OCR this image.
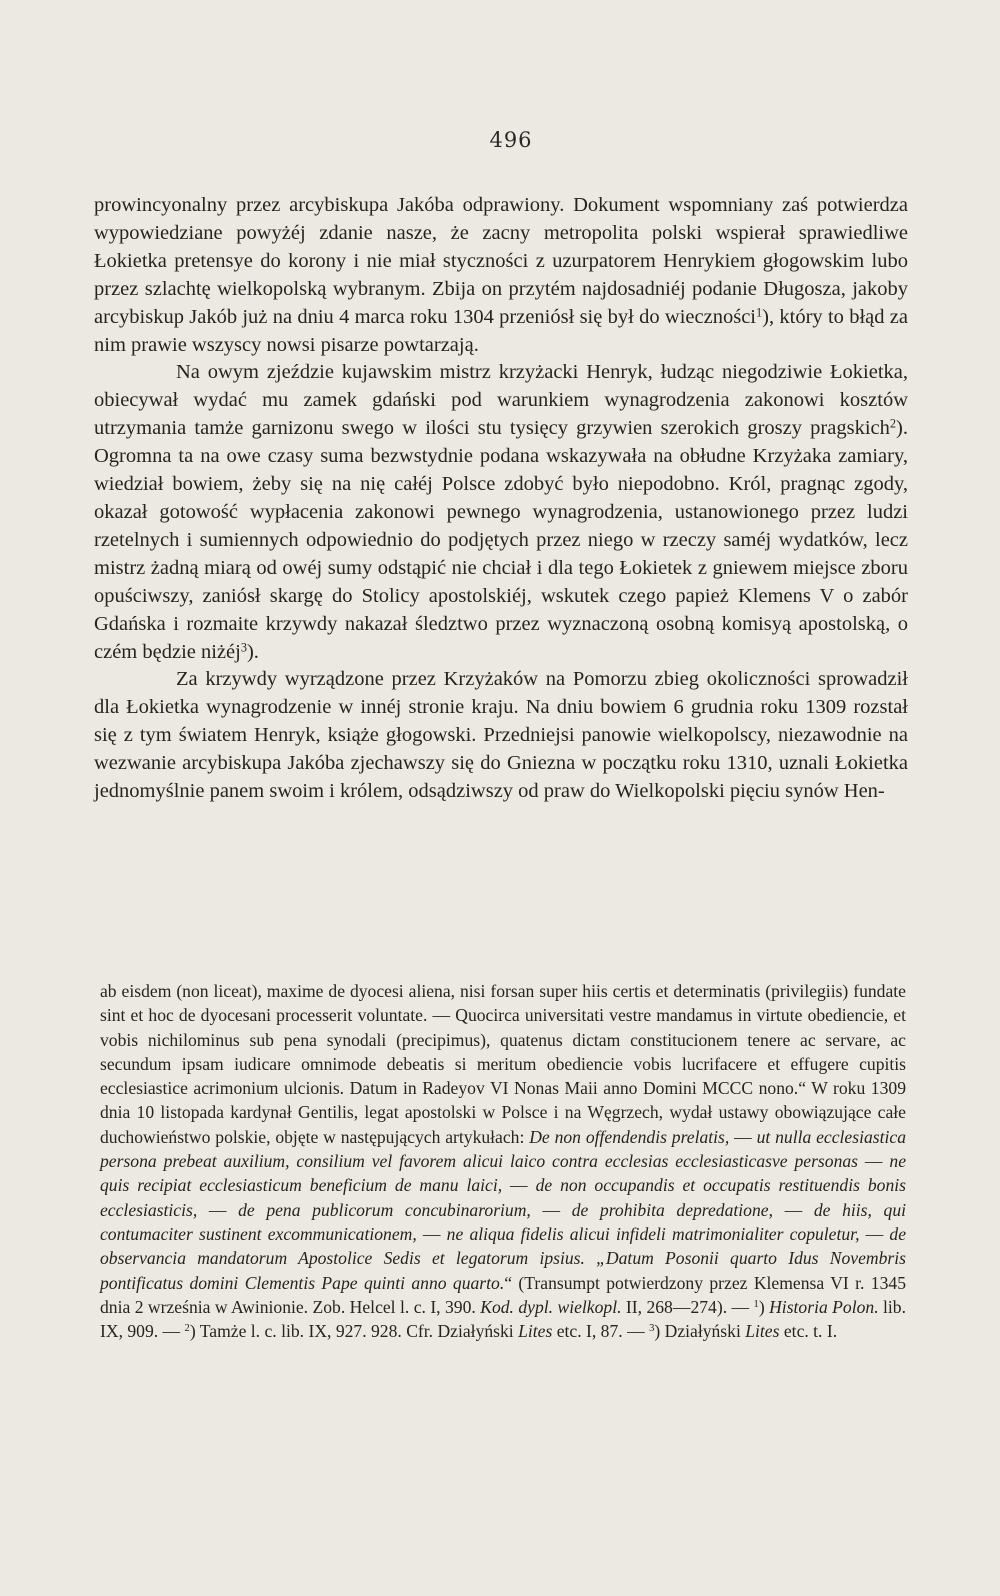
496

prowincyonalny przez arcybiskupa Jakóba odprawiony. Dokument wspomniany zaś potwierdza wypowiedziane powyżéj zdanie nasze, że zacny metropolita polski wspierał sprawiedliwe Łokietka pretensye do korony i nie miał styczności z uzurpatorem Henrykiem głogowskim lubo przez szlachtę wielkopolską wybranym. Zbija on przytém najdosadniéj podanie Długosza, jakoby arcybiskup Jakób już na dniu 4 marca roku 1304 przeniósł się był do wieczności$^1$), który to błąd za nim prawie wszyscy nowsi pisarze powtarzają.

Na owym zjeździe kujawskim mistrz krzyżacki Henryk, łudząc niegodziwie Łokietka, obiecywał wydać mu zamek gdański pod warunkiem wynagrodzenia zakonowi kosztów utrzymania tamże garnizonu swego w ilości stu tysięcy grzywien szerokich groszy pragskich$^2$). Ogromna ta na owe czasy suma bezwstydnie podana wskazywała na obłudne Krzyżaka zamiary, wiedział bowiem, żeby się na nię całéj Polsce zdobyć było niepodobno. Król, pragnąc zgody, okazał gotowość wypłacenia zakonowi pewnego wynagrodzenia, ustanowionego przez ludzi rzetelnych i sumiennych odpowiednio do podjętych przez niego w rzeczy saméj wydatków, lecz mistrz żadną miarą od owéj sumy odstąpić nie chciał i dla tego Łokietek z gniewem miejsce zboru opuściwszy, zaniósł skargę do Stolicy apostolskiéj, wskutek czego papież Klemens V o zabór Gdańska i rozmaite krzywdy nakazał śledztwo przez wyznaczoną osobną komisyą apostolską, o czém będzie niżéj$^3$).

Za krzywdy wyrządzone przez Krzyżaków na Pomorzu zbieg okoliczności sprowadził dla Łokietka wynagrodzenie w innéj stronie kraju. Na dniu bowiem 6 grudnia roku 1309 rozstał się z tym światem Henryk, książe głogowski. Przedniejsi panowie wielkopolscy, niezawodnie na wezwanie arcybiskupa Jakóba zjechawszy się do Gniezna w początku roku 1310, uznali Łokietka jednomyślnie panem swoim i królem, odsądziwszy od praw do Wielkopolski pięciu synów Hen-

ab eisdem (non liceat), maxime de dyocesi aliena, nisi forsan super hiis certis et determinatis (privilegiis) fundate sint et hoc de dyocesani processerit voluntate. — Quocirca universitati vestre mandamus in virtute obediencie, et vobis nichilominus sub pena synodali (precipimus), quatenus dictam constitucionem tenere ac servare, ac secundum ipsam iudicare omnimode debeatis si meritum obediencie vobis lucrifacere et effugere cupitis ecclesiastice acrimonium ulcionis. Datum in Radeyov VI Nonas Maii anno Domini MCCC nono.“ W roku 1309 dnia 10 listopada kardynał Gentilis, legat apostolski w Polsce i na Węgrzech, wydał ustawy obowiązujące całe duchowieństwo polskie, objęte w następujących artykułach: De non offendendis prelatis, — ut nulla ecclesiastica persona prebeat auxilium, consilium vel favorem alicui laico contra ecclesias ecclesiasticasve personas — ne quis recipiat ecclesiasticum beneficium de manu laici, — de non occupandis et occupatis restituendis bonis ecclesiasticis, — de pena publicorum concubinarorium, — de prohibita depredatione, — de hiis, qui contumaciter sustinent excommunicationem, — ne aliqua fidelis alicui infideli matrimonialiter copuletur, — de observancia mandatorum Apostolice Sedis et legatorum ipsius. „Datum Posonii quarto Idus Novembris pontificatus domini Clementis Pape quinti anno quarto.“ (Transumpt potwierdzony przez Klemensa VI r. 1345 dnia 2 września w Awinionie. Zob. Helcel l. c. I, 390. Kod. dypl. wielkopl. II, 268—274). — $^1$) Historia Polon. lib. IX, 909. — $^2$) Tamże l. c. lib. IX, 927. 928. Cfr. Działyński Lites etc. I, 87. — $^3$) Działyński Lites etc. t. I.
